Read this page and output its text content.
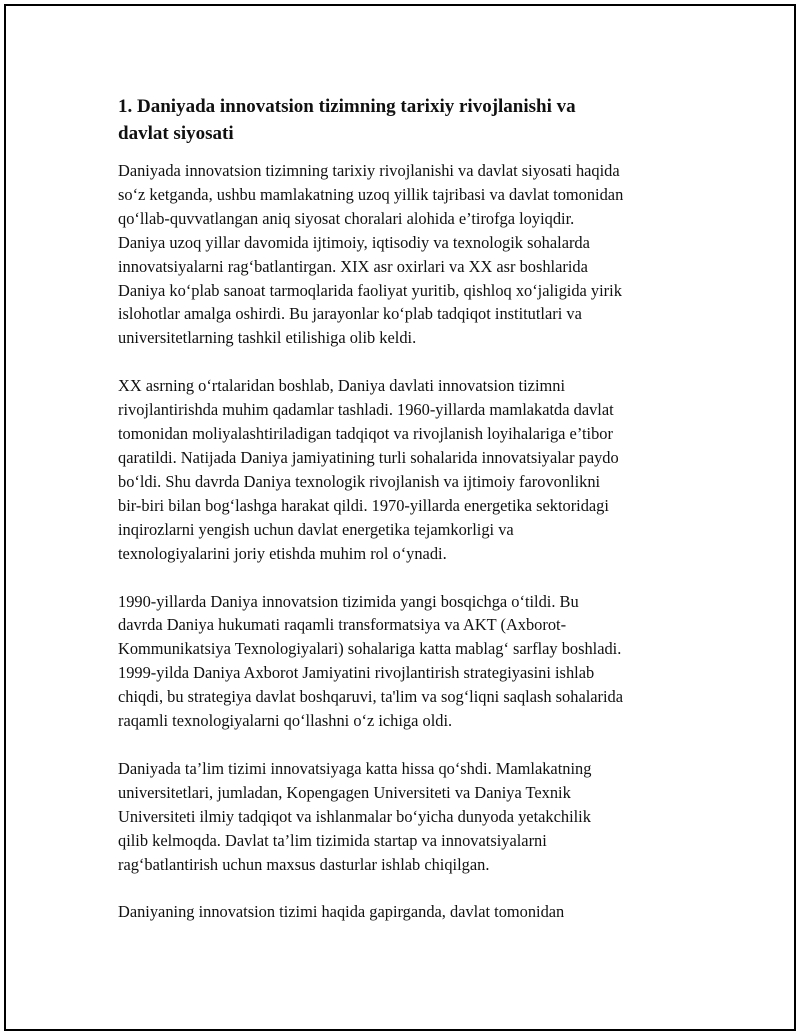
1. Daniyada innovatsion tizimning tarixiy rivojlanishi va
davlat siyosati

Daniyada innovatsion tizimning tarixiy rivojlanishi va davlat siyosati haqida
so‘z ketganda, ushbu mamlakatning uzoq yillik tajribasi va davlat tomonidan
qo‘llab-quvvatlangan aniq siyosat choralari alohida e’tirofga loyiqdir.
Daniya uzoq yillar davomida ijtimoiy, iqtisodiy va texnologik sohalarda
innovatsiyalarni rag‘batlantirgan. XIX asr oxirlari va XX asr boshlarida
Daniya ko‘plab sanoat tarmoqlarida faoliyat yuritib, qishloq xo‘jaligida yirik
islohotlar amalga oshirdi. Bu jarayonlar ko‘plab tadqiqot institutlari va
universitetlarning tashkil etilishiga olib keldi.

XX asrning o‘rtalaridan boshlab, Daniya davlati innovatsion tizimni
rivojlantirishda muhim qadamlar tashladi. 1960-yillarda mamlakatda davlat
tomonidan moliyalashtiriladigan tadqiqot va rivojlanish loyihalariga e’tibor
qaratildi. Natijada Daniya jamiyatining turli sohalarida innovatsiyalar paydo
bo‘ldi. Shu davrda Daniya texnologik rivojlanish va ijtimoiy farovonlikni
bir-biri bilan bog‘lashga harakat qildi. 1970-yillarda energetika sektoridagi
inqirozlarni yengish uchun davlat energetika tejamkorligi va
texnologiyalarini joriy etishda muhim rol o‘ynadi.

1990-yillarda Daniya innovatsion tizimida yangi bosqichga o‘tildi. Bu
davrda Daniya hukumati raqamli transformatsiya va AKT (Axborot-
Kommunikatsiya Texnologiyalari) sohalariga katta mablag‘ sarflay boshladi.
1999-yilda Daniya Axborot Jamiyatini rivojlantirish strategiyasini ishlab
chiqdi, bu strategiya davlat boshqaruvi, ta'lim va sog‘liqni saqlash sohalarida
raqamli texnologiyalarni qo‘llashni o‘z ichiga oldi.

Daniyada ta’lim tizimi innovatsiyaga katta hissa qo‘shdi. Mamlakatning
universitetlari, jumladan, Kopengagen Universiteti va Daniya Texnik
Universiteti ilmiy tadqiqot va ishlanmalar bo‘yicha dunyoda yetakchilik
qilib kelmoqda. Davlat ta’lim tizimida startap va innovatsiyalarni
rag‘batlantirish uchun maxsus dasturlar ishlab chiqilgan.

Daniyaning innovatsion tizimi haqida gapirganda, davlat tomonidan
